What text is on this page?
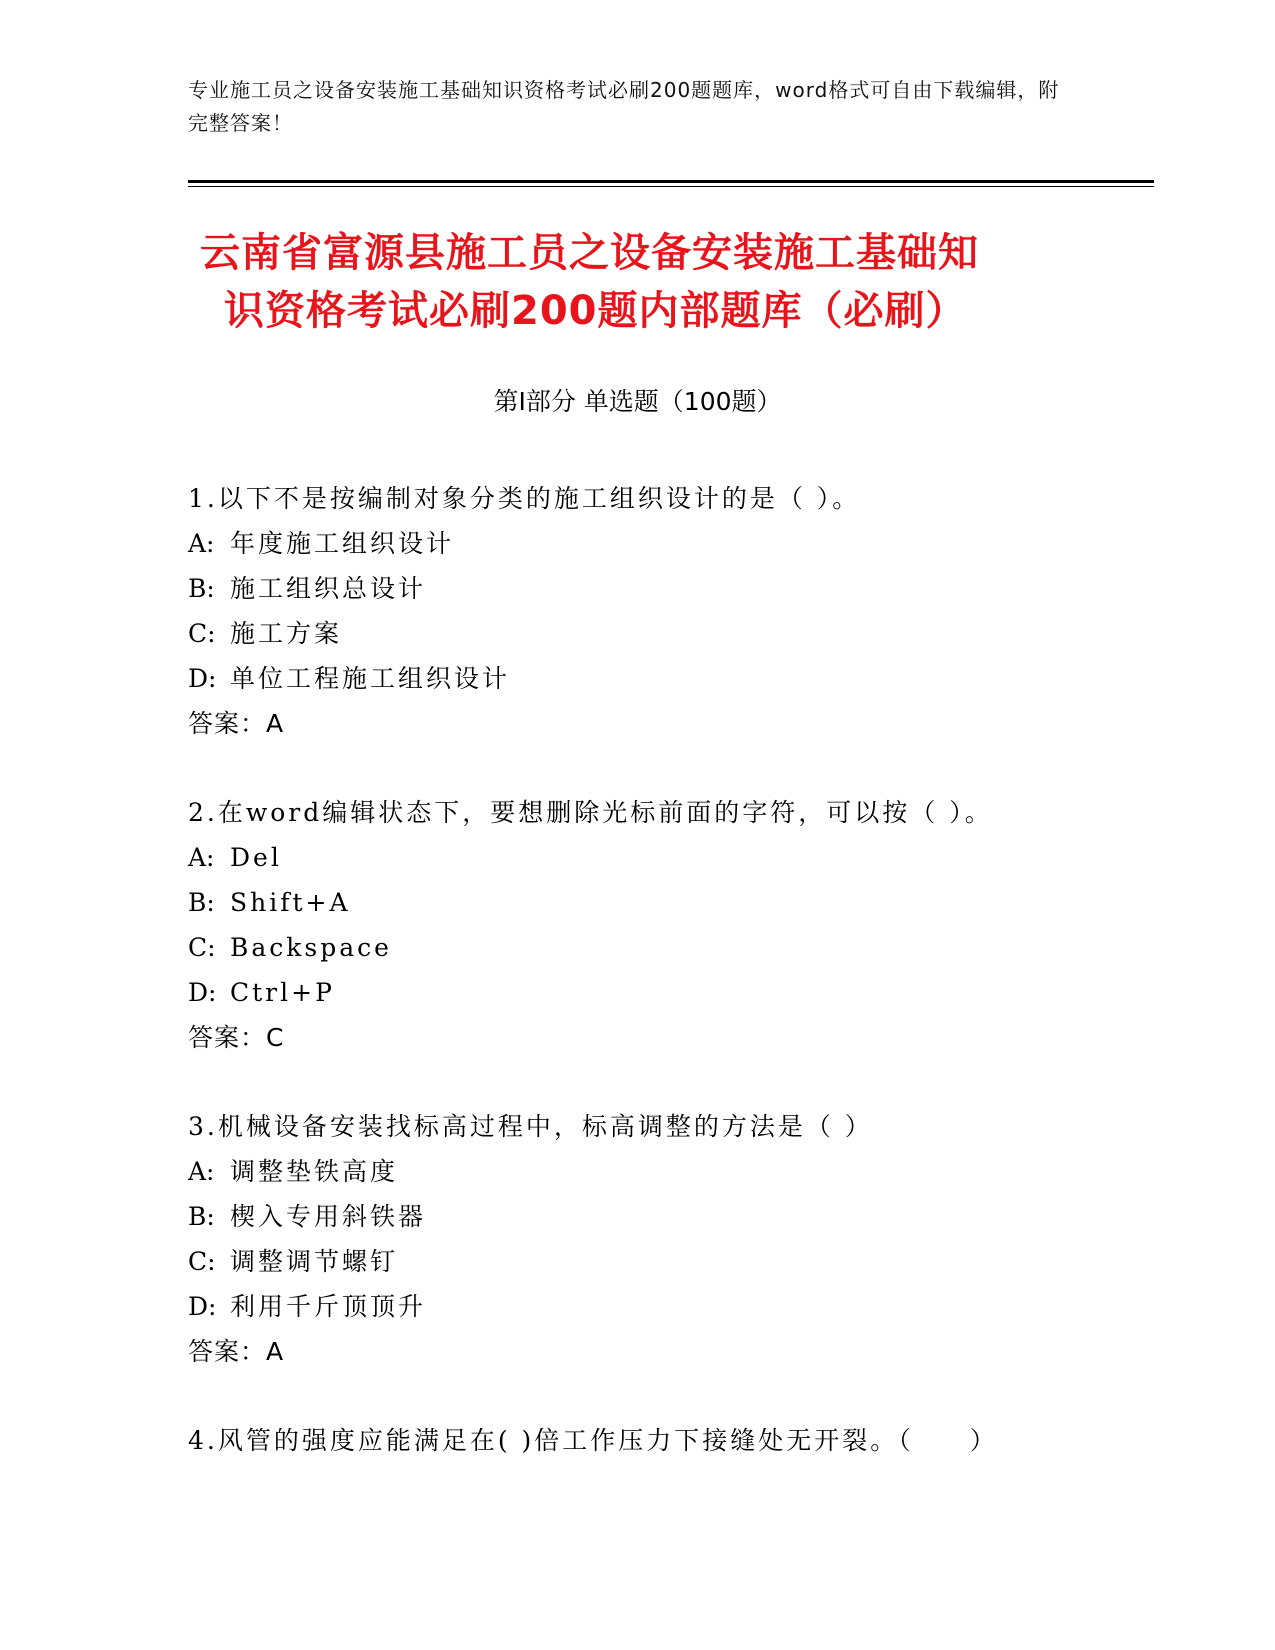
专业施工员之设备安装施工基础知识资格考试必刷200题题库，word格式可自由下载编辑，附完整答案！
云南省富源县施工员之设备安装施工基础知
识资格考试必刷200题内部题库（必刷）
第Ⅰ部分 单选题（100题）
1.以下不是按编制对象分类的施工组织设计的是（ ）。
A: 年度施工组织设计
B: 施工组织总设计
C: 施工方案
D: 单位工程施工组织设计
答案：A
2.在word编辑状态下，要想删除光标前面的字符，可以按（ ）。
A: Del
B: Shift+A
C: Backspace
D: Ctrl+P
答案：C
3.机械设备安装找标高过程中，标高调整的方法是（ ）
A: 调整垫铁高度
B: 楔入专用斜铁器
C: 调整调节螺钉
D: 利用千斤顶顶升
答案：A
4.风管的强度应能满足在( )倍工作压力下接缝处无开裂。（　　）
